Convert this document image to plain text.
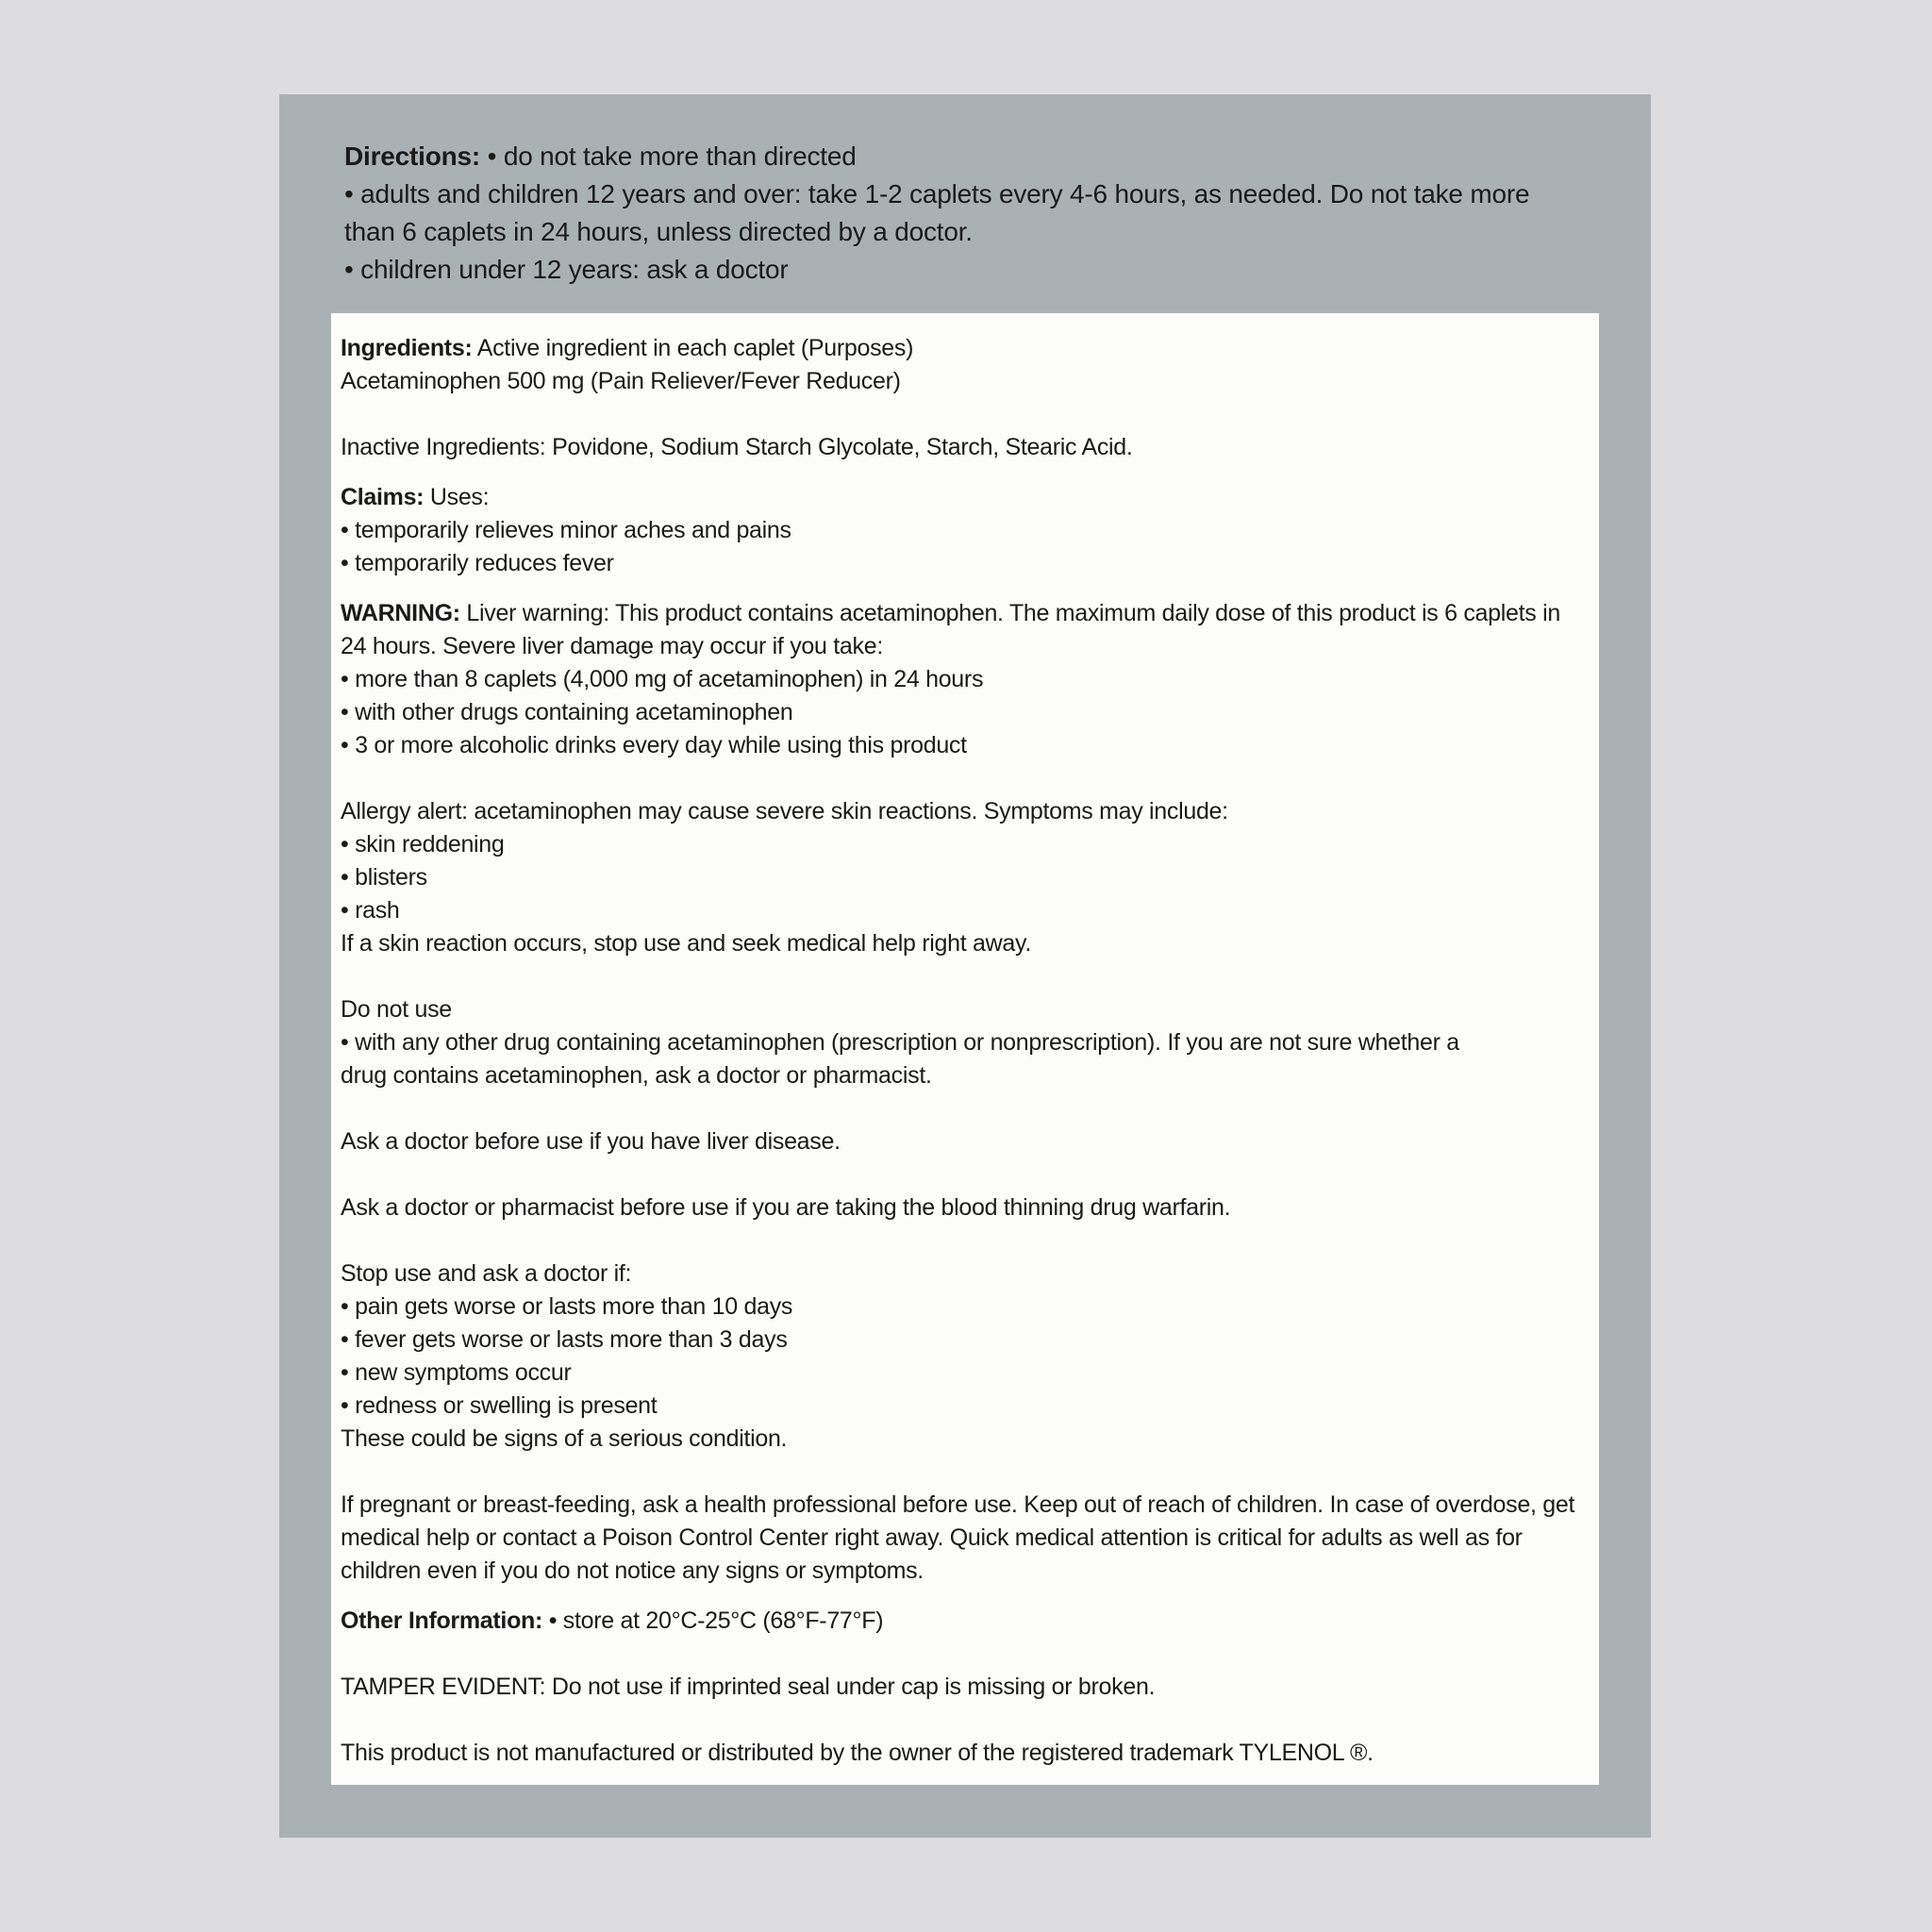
Directions: • do not take more than directed

• adults and children 12 years and over: take 1-2 caplets every 4-6 hours, as needed. Do not take more

than 6 caplets in 24 hours, unless directed by a doctor.

• children under 12 years: ask a doctor

Ingredients: Active ingredient in each caplet (Purposes)

Acetaminophen 500 mg (Pain Reliever/Fever Reducer)

Inactive Ingredients: Povidone, Sodium Starch Glycolate, Starch, Stearic Acid.

Claims: Uses:

• temporarily relieves minor aches and pains

• temporarily reduces fever

WARNING: Liver warning: This product contains acetaminophen. The maximum daily dose of this product is 6 caplets in

24 hours. Severe liver damage may occur if you take:

• more than 8 caplets (4,000 mg of acetaminophen) in 24 hours

• with other drugs containing acetaminophen

• 3 or more alcoholic drinks every day while using this product

Allergy alert: acetaminophen may cause severe skin reactions. Symptoms may include:

• skin reddening

• blisters

• rash

If a skin reaction occurs, stop use and seek medical help right away.

Do not use

• with any other drug containing acetaminophen (prescription or nonprescription). If you are not sure whether a

drug contains acetaminophen, ask a doctor or pharmacist.

Ask a doctor before use if you have liver disease.

Ask a doctor or pharmacist before use if you are taking the blood thinning drug warfarin.

Stop use and ask a doctor if:

• pain gets worse or lasts more than 10 days

• fever gets worse or lasts more than 3 days

• new symptoms occur

• redness or swelling is present

These could be signs of a serious condition.

If pregnant or breast-feeding, ask a health professional before use. Keep out of reach of children. In case of overdose, get

medical help or contact a Poison Control Center right away. Quick medical attention is critical for adults as well as for

children even if you do not notice any signs or symptoms.

Other Information: • store at 20°C-25°C (68°F-77°F)

TAMPER EVIDENT: Do not use if imprinted seal under cap is missing or broken.

This product is not manufactured or distributed by the owner of the registered trademark TYLENOL ®.
